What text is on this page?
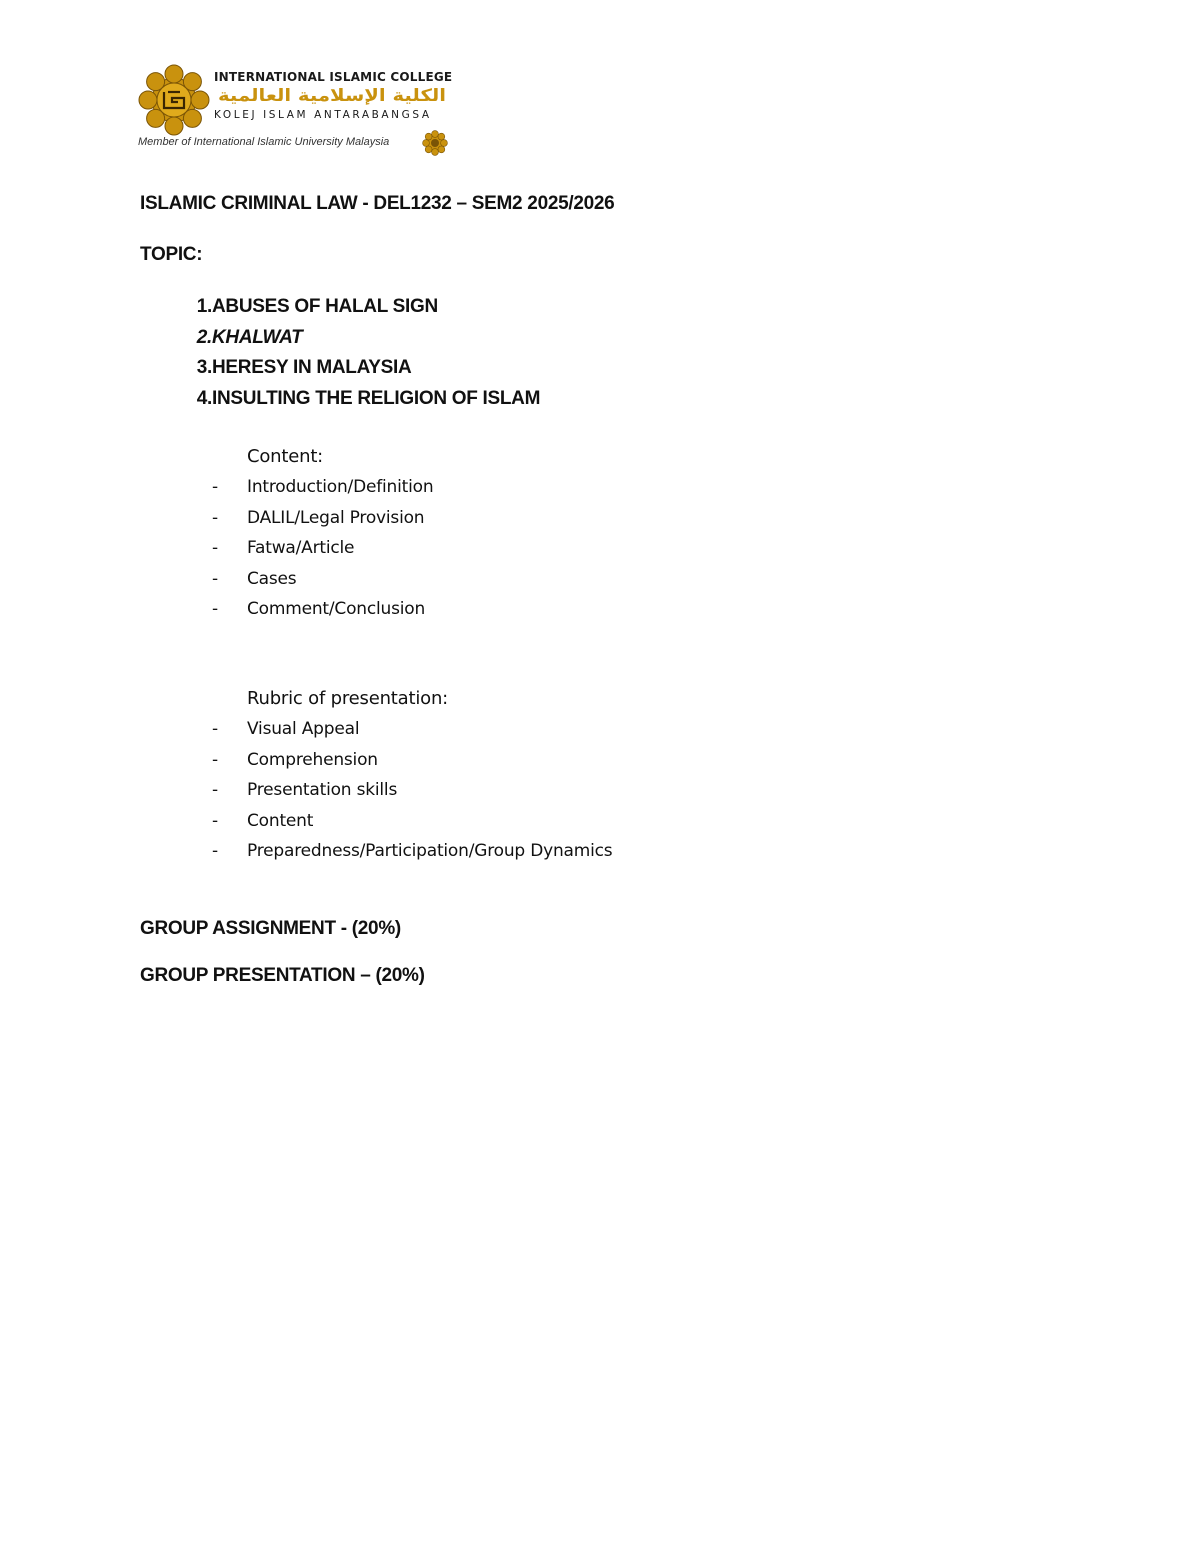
INTERNATIONAL ISLAMIC COLLEGE
الكلية الإسلامية العالمية
KOLEJ ISLAM ANTARABANGSA
Member of International Islamic University Malaysia
ISLAMIC CRIMINAL LAW - DEL1232 – SEM2 2025/2026
TOPIC:
1. ABUSES OF HALAL SIGN
2. KHALWAT
3. HERESY IN MALAYSIA
4. INSULTING THE RELIGION OF ISLAM
Content:
-	Introduction/Definition
-	DALIL/Legal Provision
-	Fatwa/Article
-	Cases
-	Comment/Conclusion
Rubric of presentation:
-	Visual Appeal
-	Comprehension
-	Presentation skills
-	Content
-	Preparedness/Participation/Group Dynamics
GROUP ASSIGNMENT - (20%)
GROUP PRESENTATION – (20%)
